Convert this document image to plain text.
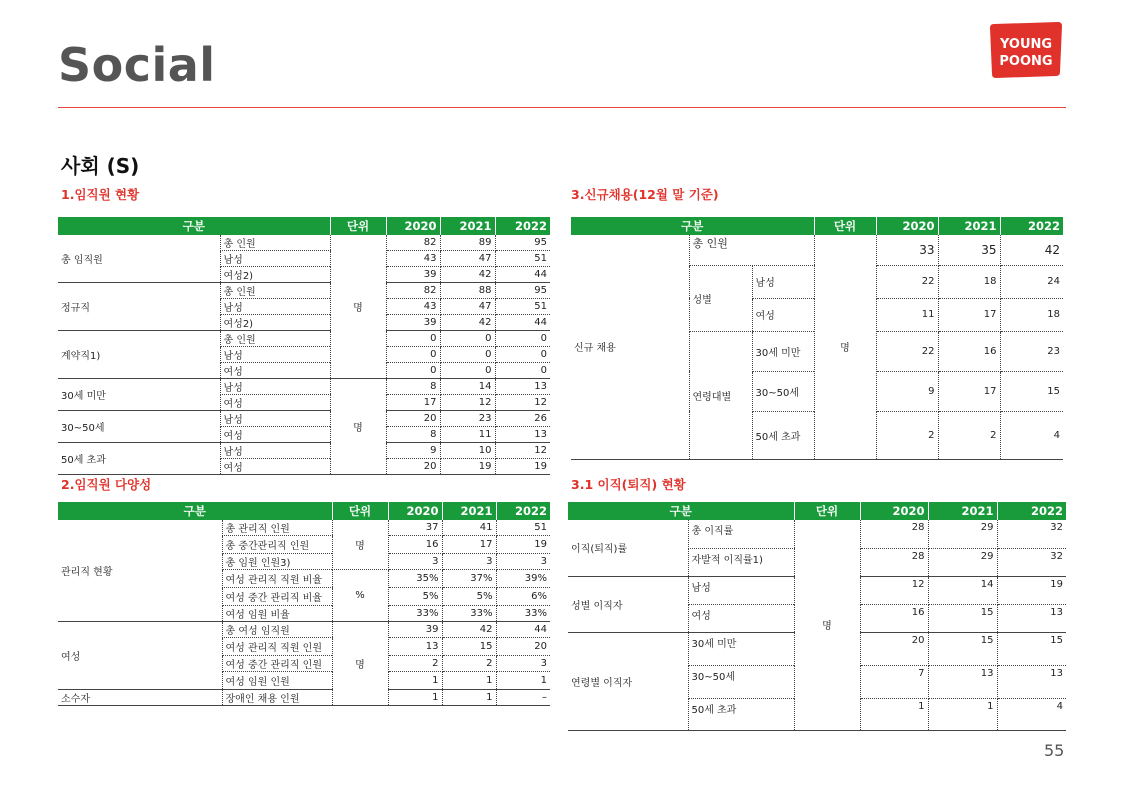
Social	YOUNG
POONG
사회 (S)
1.임직원 현황
구분		단위	2020	2021	2022
총 임직원	총 인원	명	82	89	95
	남성		43	47	51
	여성2)		39	42	44
정규직	총 인원		82	88	95
	남성		43	47	51
	여성2)		39	42	44
계약직1)	총 인원		0	0	0
	남성		0	0	0
	여성		0	0	0
30세 미만	남성	명	8	14	13
	여성		17	12	12
30~50세	남성		20	23	26
	여성		8	11	13
50세 초과	남성		9	10	12
	여성		20	19	19
2.임직원 다양성
구분		단위	2020	2021	2022
관리직 현황	총 관리직 인원	명	37	41	51
	총 중간관리직 인원		16	17	19
	총 임원 인원3)		3	3	3
	여성 관리직 직원 비율	%	35%	37%	39%
	여성 중간 관리직 비율		5%	5%	6%
	여성 임원 비율		33%	33%	33%
여성	총 여성 임직원	명	39	42	44
	여성 관리직 직원 인원		13	15	20
	여성 중간 관리직 인원		2	2	3
	여성 임원 인원		1	1	1
소수자	장애인 채용 인원		1	1	–
3.신규채용(12월 말 기준)
구분			단위	2020	2021	2022
신규 채용	총 인원		명	33	35	42
	성별	남성		22	18	24
		여성		11	17	18
	연령대별	30세 미만		22	16	23
		30~50세		9	17	15
		50세 초과		2	2	4
3.1 이직(퇴직) 현황
구분		단위	2020	2021	2022
이직(퇴직)률	총 이직률	명	28	29	32
	자발적 이직률1)		28	29	32
성별 이직자	남성		12	14	19
	여성		16	15	13
연령별 이직자	30세 미만		20	15	15
	30~50세		7	13	13
	50세 초과		1	1	4
55
